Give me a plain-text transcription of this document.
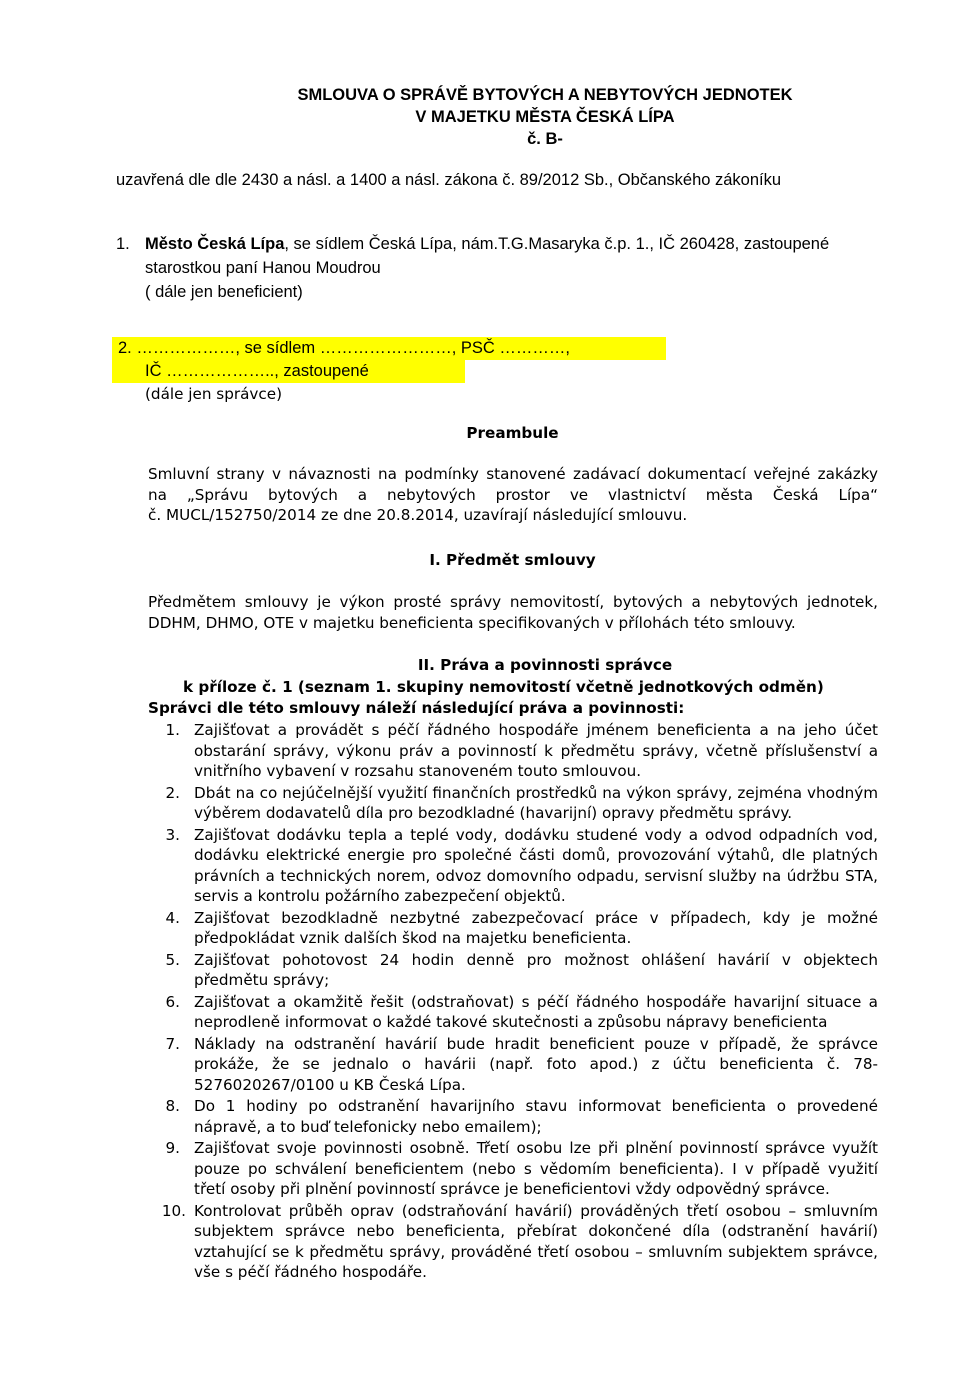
SMLOUVA O SPRÁVĚ BYTOVÝCH A NEBYTOVÝCH JEDNOTEK
V MAJETKU MĚSTA ČESKÁ LÍPA
č. B-
uzavřená dle dle 2430 a násl. a 1400 a násl. zákona č. 89/2012 Sb., Občanského zákoníku
1. Město Česká Lípa, se sídlem Česká Lípa, nám.T.G.Masaryka č.p. 1., IČ 260428, zastoupené starostkou paní Hanou Moudrou
( dále jen beneficient)
2. ………………, se sídlem ……………………, PSČ …………,
IČ ……………….., zastoupené
(dále jen správce)
Preambule
Smluvní strany v návaznosti na podmínky stanovené zadávací dokumentací veřejné zakázky
na „Správu bytových a nebytových prostor ve vlastnictví města Česká Lípa“
č. MUCL/152750/2014 ze dne 20.8.2014, uzavírají následující smlouvu.
I. Předmět smlouvy
Předmětem smlouvy je výkon prosté správy nemovitostí, bytových a nebytových jednotek, DDHM, DHMO, OTE v majetku beneficienta specifikovaných v přílohách této smlouvy.
II. Práva a povinnosti správce
k příloze č. 1 (seznam 1. skupiny nemovitostí včetně jednotkových odměn)
Správci dle této smlouvy náleží následující práva a povinnosti:
1. Zajišťovat a provádět s péčí řádného hospodáře jménem beneficienta a na jeho účet obstarání správy, výkonu práv a povinností k předmětu správy, včetně příslušenství a vnitřního vybavení v rozsahu stanoveném touto smlouvou.
2. Dbát na co nejúčelnější využití finančních prostředků na výkon správy, zejména vhodným výběrem dodavatelů díla pro bezodkladné (havarijní) opravy předmětu správy.
3. Zajišťovat dodávku tepla a teplé vody, dodávku studené vody a odvod odpadních vod, dodávku elektrické energie pro společné části domů, provozování výtahů, dle platných právních a technických norem, odvoz domovního odpadu, servisní služby na údržbu STA, servis a kontrolu požárního zabezpečení objektů.
4. Zajišťovat bezodkladně nezbytné zabezpečovací práce v případech, kdy je možné předpokládat vznik dalších škod na majetku beneficienta.
5. Zajišťovat pohotovost 24 hodin denně pro možnost ohlášení havárií v objektech předmětu správy;
6. Zajišťovat a okamžitě řešit (odstraňovat) s péčí řádného hospodáře havarijní situace a neprodleně informovat o každé takové skutečnosti a způsobu nápravy beneficienta
7. Náklady na odstranění havárií bude hradit beneficient pouze v případě, že správce prokáže, že se jednalo o havárii (např. foto apod.) z účtu beneficienta č. 78-5276020267/0100 u KB Česká Lípa.
8. Do 1 hodiny po odstranění havarijního stavu informovat beneficienta o provedené nápravě, a to buď telefonicky nebo emailem);
9. Zajišťovat svoje povinnosti osobně. Třetí osobu lze při plnění povinností správce využít pouze po schválení beneficientem (nebo s vědomím beneficienta). I v případě využití třetí osoby při plnění povinností správce je beneficientovi vždy odpovědný správce.
10. Kontrolovat průběh oprav (odstraňování havárií) prováděných třetí osobou – smluvním subjektem správce nebo beneficienta, přebírat dokončené díla (odstranění havárií) vztahující se k předmětu správy, prováděné třetí osobou – smluvním subjektem správce, vše s péčí řádného hospodáře.
